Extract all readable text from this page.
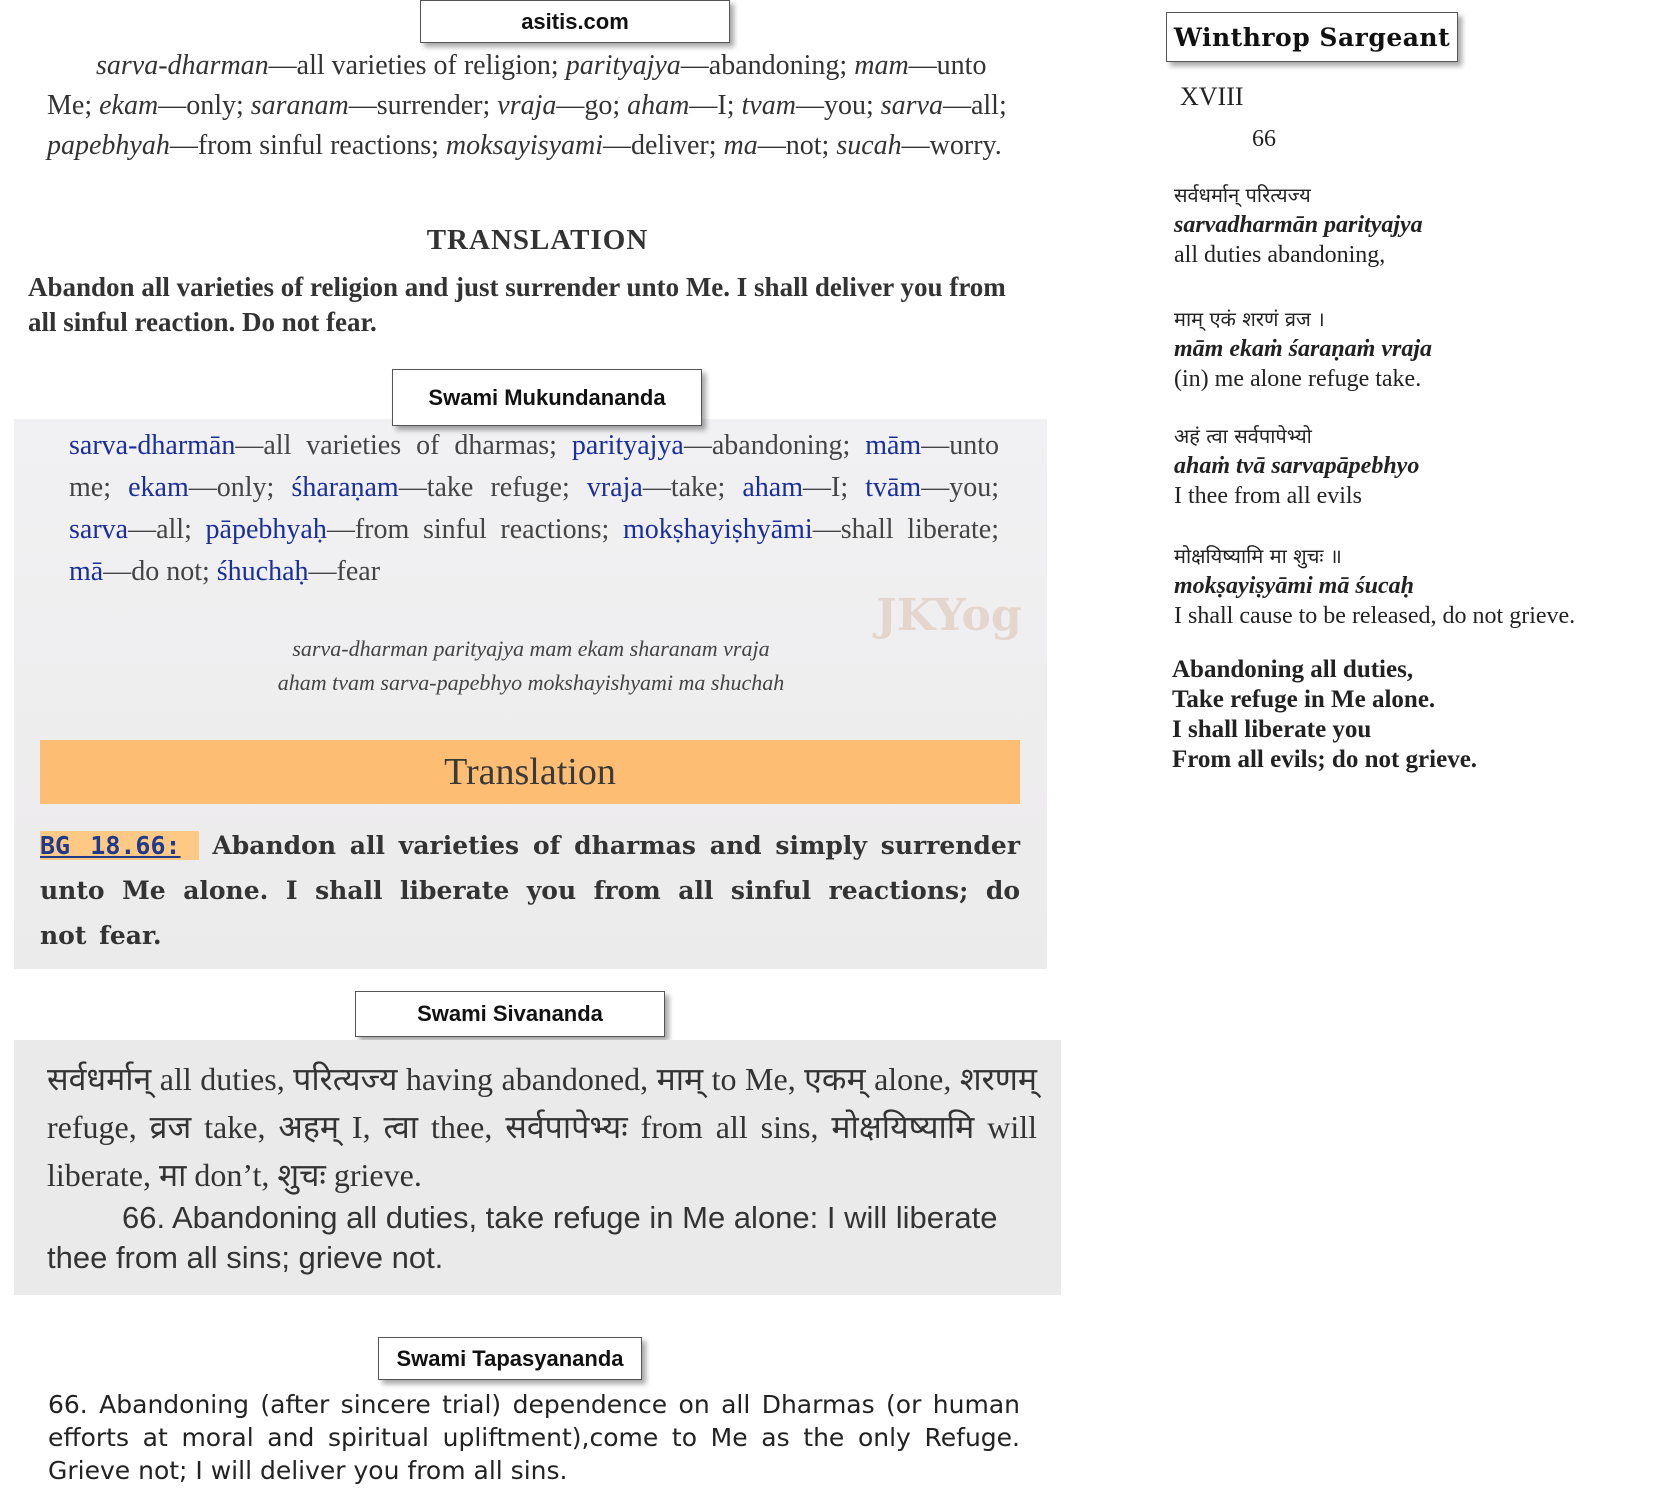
asitis.com
sarva-dharman—all varieties of religion; parityajya—abandoning; mam—unto Me; ekam—only; saranam—surrender; vraja—go; aham—I; tvam—you; sarva—all; papebhyah—from sinful reactions; moksayisyami—deliver; ma—not; sucah—worry.
TRANSLATION
Abandon all varieties of religion and just surrender unto Me. I shall deliver you from all sinful reaction. Do not fear.
JKYog
Swami Mukundananda
sarva-dharmān—all varieties of dharmas; parityajya—abandoning; mām—unto me; ekam—only; śharaṇam—take refuge; vraja—take; aham—I; tvām—you; sarva—all; pāpebhyaḥ—from sinful reactions; mokṣhayiṣhyāmi—shall liberate; mā—do not; śhuchaḥ—fear
sarva-dharman parityajya mam ekam sharanam vraja
aham tvam sarva-papebhyo mokshayishyami ma shuchah
Translation
BG 18.66: Abandon all varieties of dharmas and simply surrender unto Me alone. I shall liberate you from all sinful reactions; do not fear.
Swami Sivananda
सर्वधर्मान् all duties, परित्यज्य having abandoned, माम् to Me, एकम् alone, शरणम् refuge, व्रज take, अहम् I, त्वा thee, सर्वपापेभ्यः from all sins, मोक्षयिष्यामि will liberate, मा don’t, शुचः grieve.
66. Abandoning all duties, take refuge in Me alone: I will liberate thee from all sins; grieve not.
Swami Tapasyananda
66. Abandoning (after sincere trial) dependence on all Dharmas (or human efforts at moral and spiritual upliftment),come to Me as the only Refuge. Grieve not; I will deliver you from all sins.
Winthrop Sargeant
XVIII
66
सर्वधर्मान् परित्यज्य
sarvadharmān parityajya
all duties abandoning,
माम् एकं शरणं व्रज ।
mām ekaṁ śaraṇaṁ vraja
(in) me alone refuge take.
अहं त्वा सर्वपापेभ्यो
ahaṁ tvā sarvapāpebhyo
I thee from all evils
मोक्षयिष्यामि मा शुचः ॥
mokṣayiṣyāmi mā śucaḥ
I shall cause to be released, do not grieve.
Abandoning all duties,
Take refuge in Me alone.
I shall liberate you
From all evils; do not grieve.
